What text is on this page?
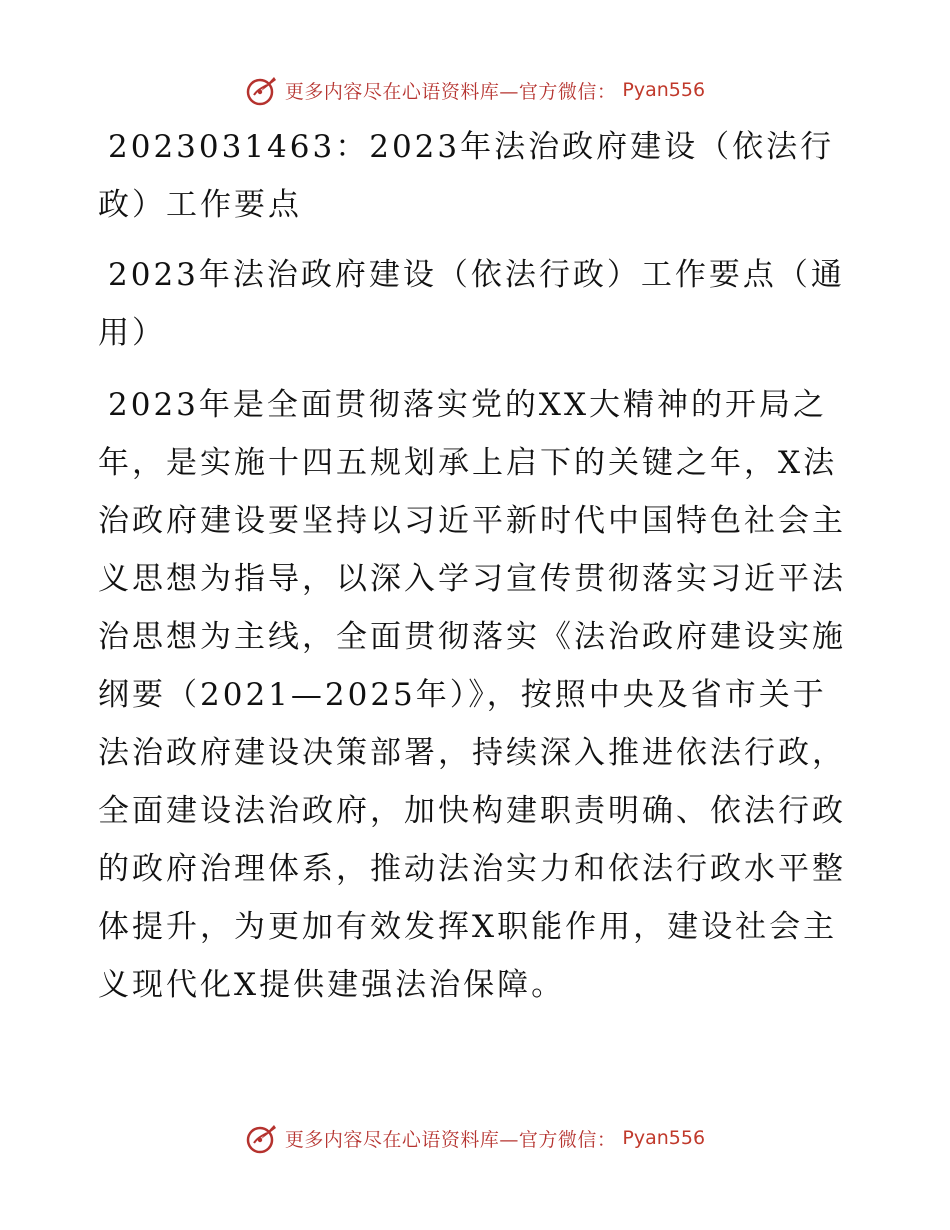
更多内容尽在心语资料库—官方微信： Pyan556

2023031463：2023年法治政府建设（依法行政）工作要点

2023年法治政府建设（依法行政）工作要点（通用）

2023年是全面贯彻落实党的XX大精神的开局之年，是实施十四五规划承上启下的关键之年，X法治政府建设要坚持以习近平新时代中国特色社会主义思想为指导，以深入学习宣传贯彻落实习近平法治思想为主线，全面贯彻落实《法治政府建设实施纲要（2021—2025年）》，按照中央及省市关于法治政府建设决策部署，持续深入推进依法行政，全面建设法治政府，加快构建职责明确、依法行政的政府治理体系，推动法治实力和依法行政水平整体提升，为更加有效发挥X职能作用，建设社会主义现代化X提供建强法治保障。

更多内容尽在心语资料库—官方微信： Pyan556
